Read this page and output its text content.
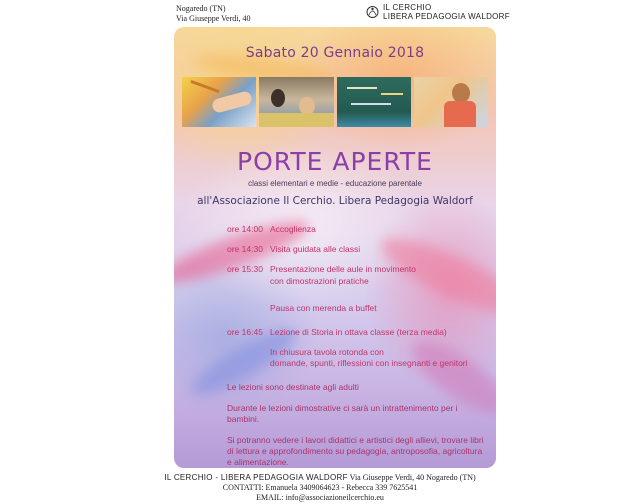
Nogaredo (TN)
Via Giuseppe Verdi, 40
IL CERCHIO
LIBERA PEDAGOGIA WALDORF
Sabato 20 Gennaio 2018
PORTE APERTE
classi elementari e medie - educazione parentale
all'Associazione Il Cerchio. Libera Pedagogia Waldorf
ore 14:00 Accoglienza
ore 14:30 Visita guidata alle classi
ore 15:30 Presentazione delle aule in movimento
con dimostrazioni pratiche
Pausa con merenda a buffet
ore 16:45 Lezione di Storia in ottava classe (terza media)
In chiusura tavola rotonda con
domande, spunti, riflessioni con insegnanti e genitori
Le lezioni sono destinate agli adulti
Durante le lezioni dimostrative ci sarà un intrattenimento per i bambini.
Si potranno vedere i lavori didattici e artistici degli allievi, trovare libri di lettura e approfondimento su pedagogia, antroposofia, agricoltura e alimentazione.
IL CERCHIO - LIBERA PEDAGOGIA WALDORF Via Giuseppe Verdi, 40 Nogaredo (TN)
CONTATTI: Emanuela 3409064623 - Rebecca 339 7625541
EMAIL: info@associazioneilcerchio.eu
